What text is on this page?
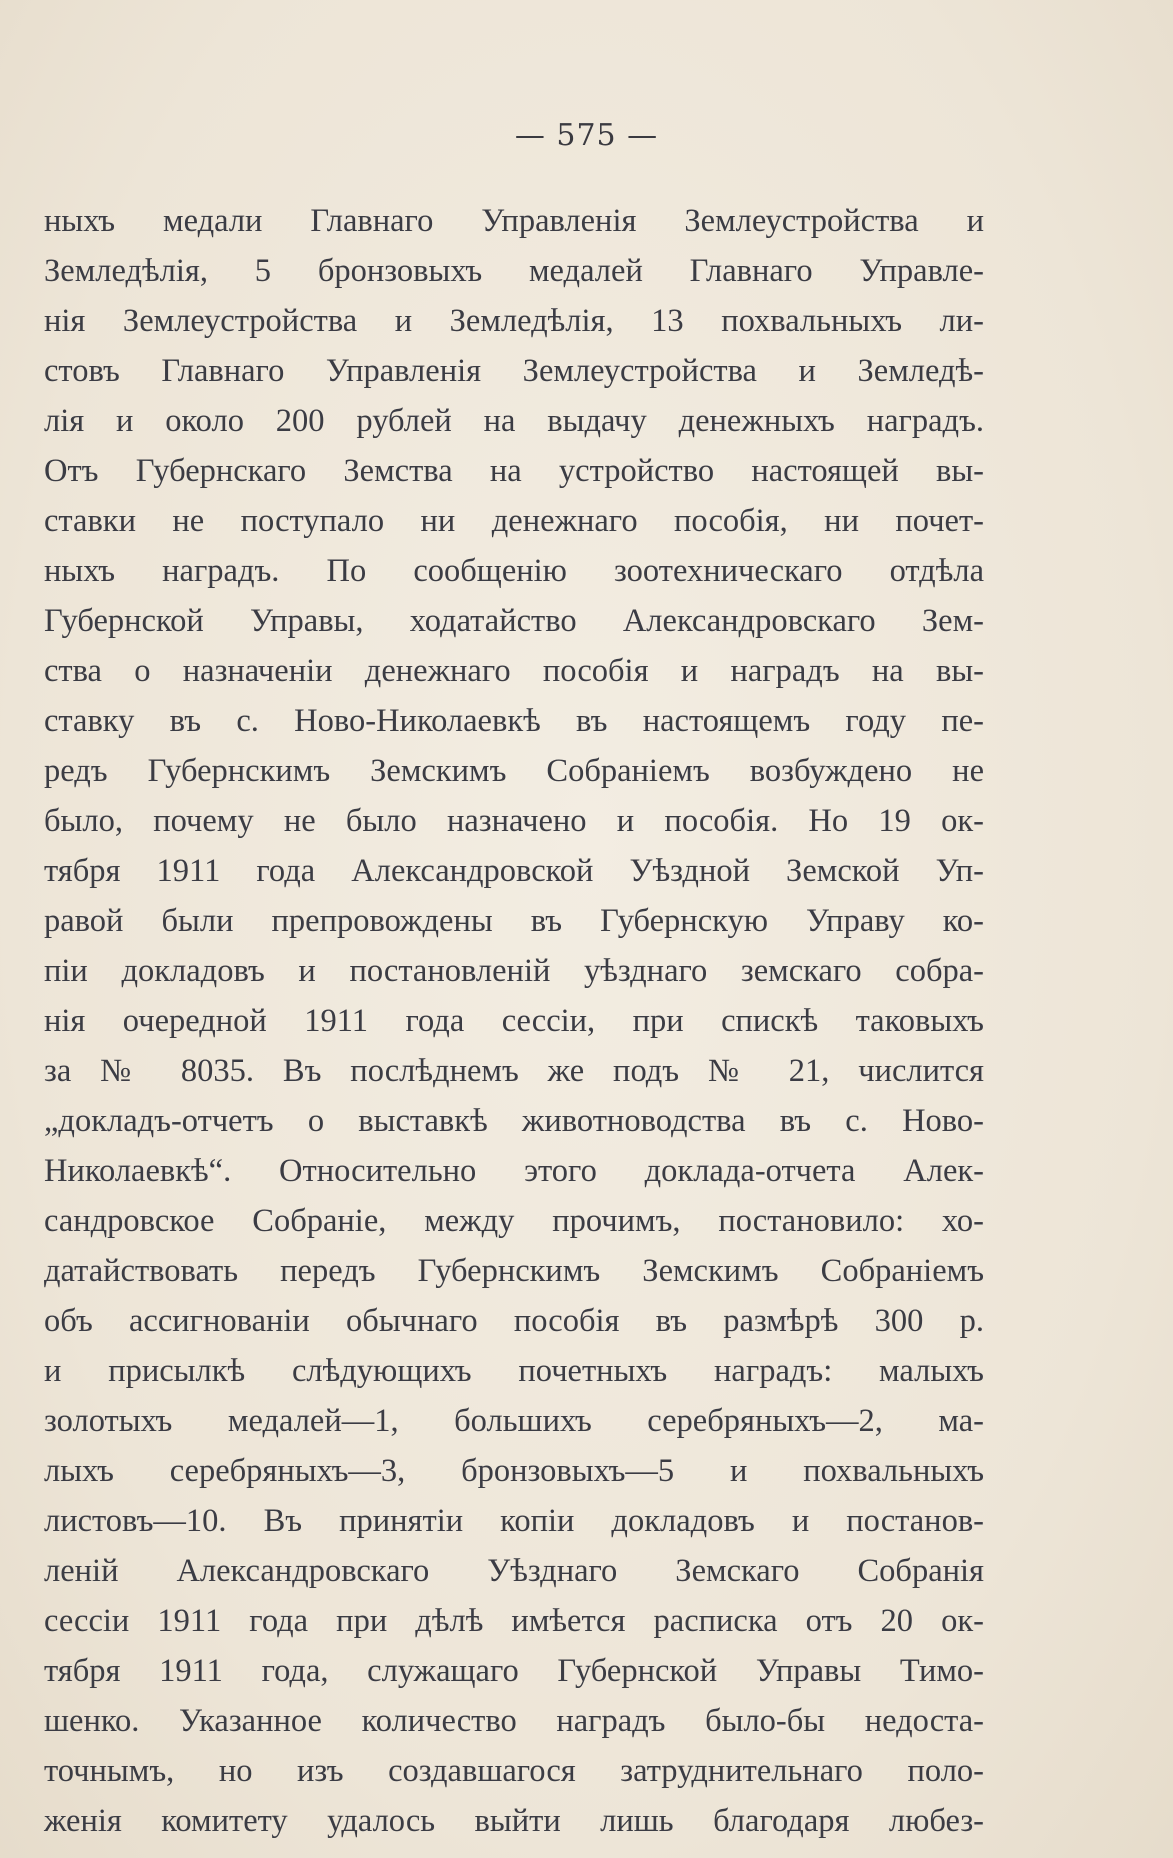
— 575 —
ныхъ медали Главнаго Управленія Землеустройства и
Земледѣлія, 5 бронзовыхъ медалей Главнаго Управле-
нія Землеустройства и Земледѣлія, 13 похвальныхъ ли-
стовъ Главнаго Управленія Землеустройства и Земледѣ-
лія и около 200 рублей на выдачу денежныхъ наградъ.
Отъ Губернскаго Земства на устройство настоящей вы-
ставки не поступало ни денежнаго пособія, ни почет-
ныхъ наградъ. По сообщенію зоотехническаго отдѣла
Губернской Управы, ходатайство Александровскаго Зем-
ства о назначеніи денежнаго пособія и наградъ на вы-
ставку въ с. Ново-Николаевкѣ въ настоящемъ году пе-
редъ Губернскимъ Земскимъ Собраніемъ возбуждено не
было, почему не было назначено и пособія. Но 19 ок-
тября 1911 года Александровской Уѣздной Земской Уп-
равой были препровождены въ Губернскую Управу ко-
піи докладовъ и постановленій уѣзднаго земскаго собра-
нія очередной 1911 года сессіи, при спискѣ таковыхъ
за № 8035. Въ послѣднемъ же подъ № 21, числится
„докладъ-отчетъ о выставкѣ животноводства въ с. Ново-
Николаевкѣ“. Относительно этого доклада-отчета Алек-
сандровское Собраніе, между прочимъ, постановило: хо-
датайствовать передъ Губернскимъ Земскимъ Собраніемъ
объ ассигнованіи обычнаго пособія въ размѣрѣ 300 р.
и присылкѣ слѣдующихъ почетныхъ наградъ: малыхъ
золотыхъ медалей—1, большихъ серебряныхъ—2, ма-
лыхъ серебряныхъ—3, бронзовыхъ—5 и похвальныхъ
листовъ—10. Въ принятіи копіи докладовъ и постанов-
леній Александровскаго Уѣзднаго Земскаго Собранія
сессіи 1911 года при дѣлѣ имѣется расписка отъ 20 ок-
тября 1911 года, служащаго Губернской Управы Тимо-
шенко. Указанное количество наградъ было-бы недоста-
точнымъ, но изъ создавшагося затруднительнаго поло-
женія комитету удалось выйти лишь благодаря любез-
